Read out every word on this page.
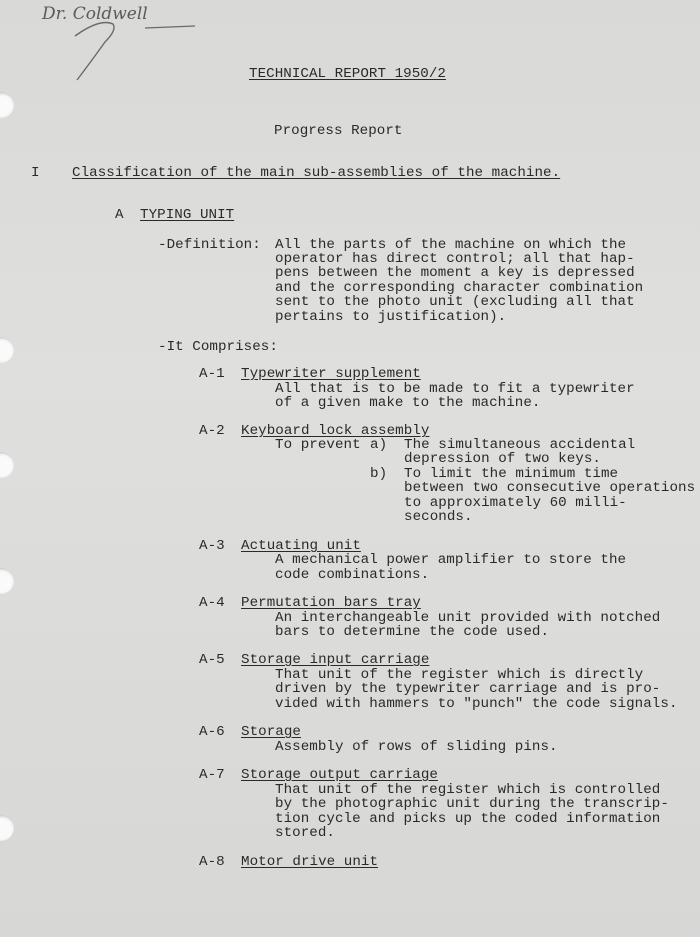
Dr. Coldwell
TECHNICAL REPORT 1950/2
Progress Report
I Classification of the main sub-assemblies of the machine.
A TYPING UNIT
-Definition: All the parts of the machine on which the
operator has direct control; all that hap-
pens between the moment a key is depressed
and the corresponding character combination
sent to the photo unit (excluding all that
pertains to justification).
-It Comprises:
A-1 Typewriter supplement
All that is to be made to fit a typewriter
of a given make to the machine.
A-2 Keyboard lock assembly
To prevent a) The simultaneous accidental
depression of two keys.
b) To limit the minimum time
between two consecutive operations
to approximately 60 milli-
seconds.
A-3 Actuating unit
A mechanical power amplifier to store the
code combinations.
A-4 Permutation bars tray
An interchangeable unit provided with notched
bars to determine the code used.
A-5 Storage input carriage
That unit of the register which is directly
driven by the typewriter carriage and is pro-
vided with hammers to "punch" the code signals.
A-6 Storage
Assembly of rows of sliding pins.
A-7 Storage output carriage
That unit of the register which is controlled
by the photographic unit during the transcrip-
tion cycle and picks up the coded information
stored.
A-8 Motor drive unit
